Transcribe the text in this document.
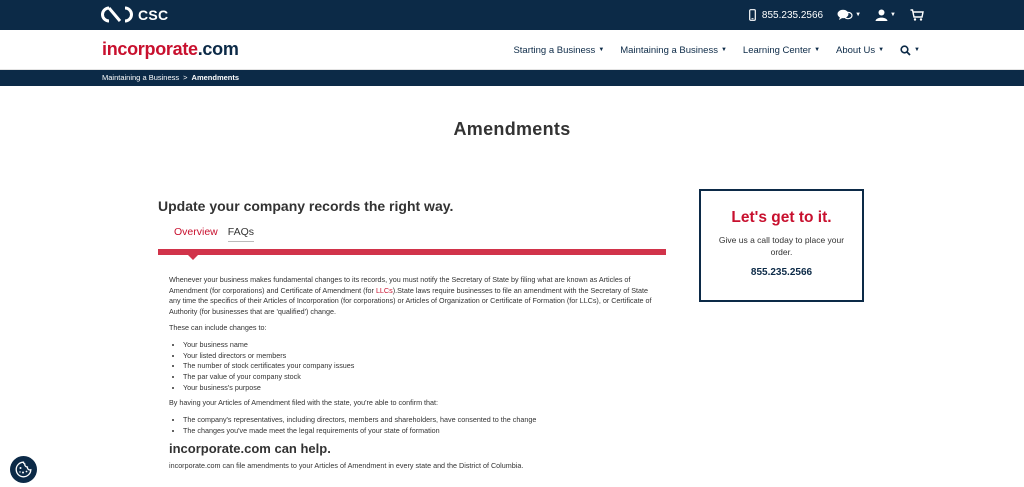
CSC	855.235.2566	▼	▼
incorporate.com	Starting a Business ▼ Maintaining a Business ▼ Learning Center ▼ About Us ▼	▼
Maintaining a Business > Amendments
Amendments
Update your company records the right way.
Overview FAQs

Whenever your business makes fundamental changes to its records, you must notify the Secretary of State by filing what are known as Articles of Amendment (for corporations) and Certificate of Amendment (for LLCs).State laws require businesses to file an amendment with the Secretary of State any time the specifics of their Articles of Incorporation (for corporations) or Articles of Organization or Certificate of Formation (for LLCs), or Certificate of Authority (for businesses that are 'qualified') change.

These can include changes to:

• Your business name
• Your listed directors or members
• The number of stock certificates your company issues
• The par value of your company stock
• Your business's purpose

By having your Articles of Amendment filed with the state, you're able to confirm that:

• The company's representatives, including directors, members and shareholders, have consented to the change
• The changes you've made meet the legal requirements of your state of formation
incorporate.com can help.

incorporate.com can file amendments to your Articles of Amendment in every state and the District of Columbia.

Let's get to it.
Give us a call today to place your order.
855.235.2566
